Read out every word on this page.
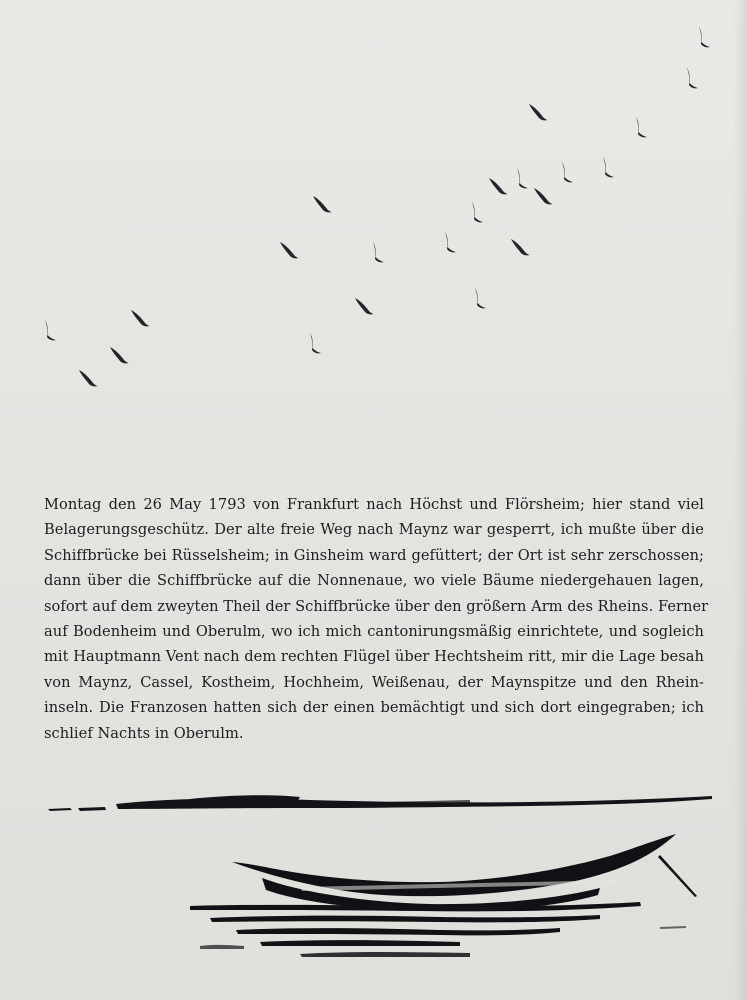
Montag den 26 May 1793 von Frankfurt nach Höchst und Flörsheim; hier stand viel
Belagerungsgeschütz. Der alte freie Weg nach Maynz war gesperrt, ich mußte über die
Schiffbrücke bei Rüsselsheim; in Ginsheim ward gefüttert; der Ort ist sehr zerschossen;
dann über die Schiffbrücke auf die Nonnenaue, wo viele Bäume niedergehauen lagen,
sofort auf dem zweyten Theil der Schiffbrücke über den größern Arm des Rheins. Ferner
auf Bodenheim und Oberulm, wo ich mich cantonirungsmäßig einrichtete, und sogleich
mit Hauptmann Vent nach dem rechten Flügel über Hechtsheim ritt, mir die Lage besah
von Maynz, Cassel, Kostheim, Hochheim, Weißenau, der Maynspitze und den Rhein-
inseln. Die Franzosen hatten sich der einen bemächtigt und sich dort eingegraben; ich
schlief Nachts in Oberulm.
